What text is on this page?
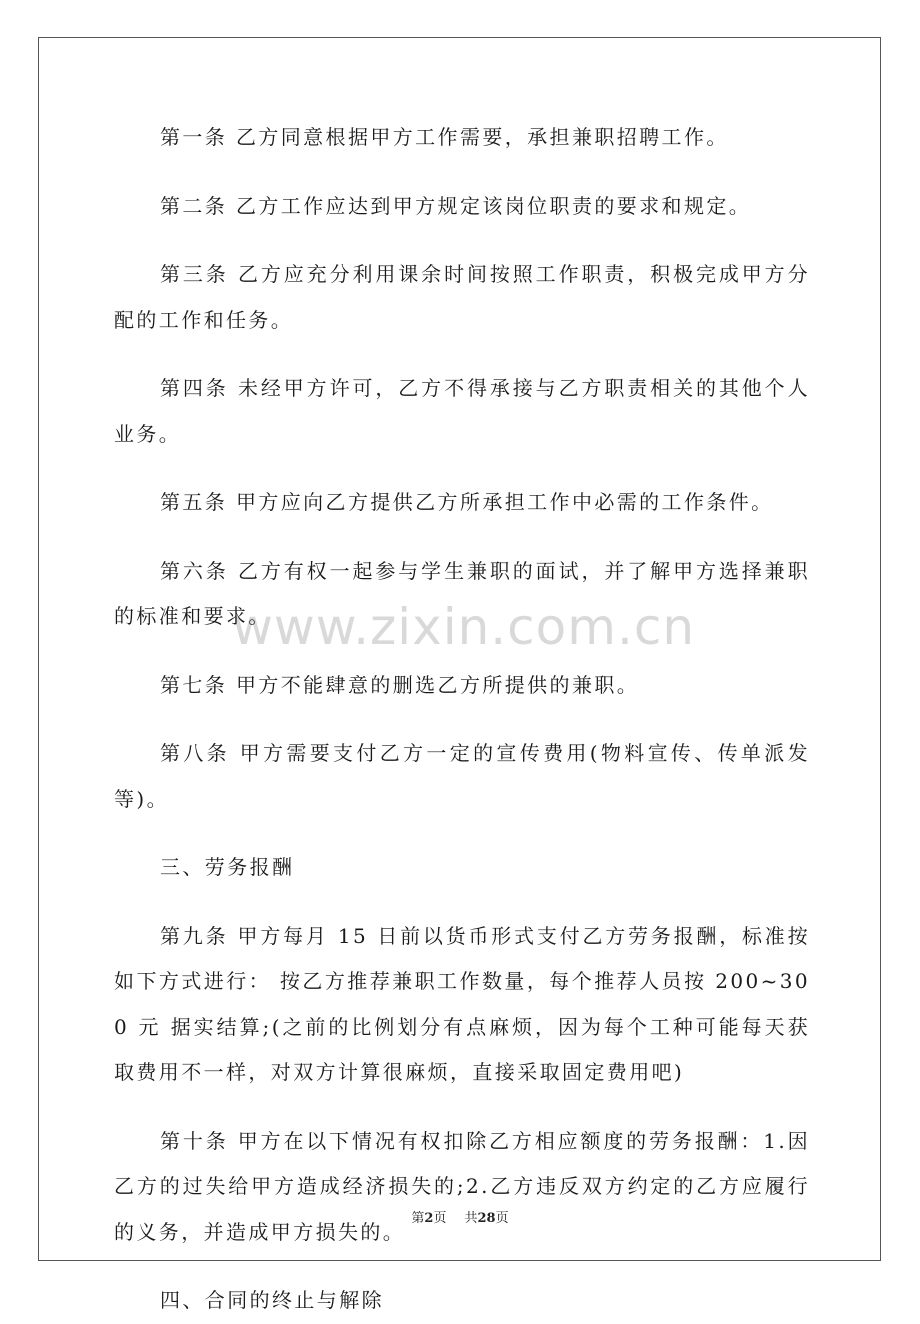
www.zixin.com.cn

第一条 乙方同意根据甲方工作需要，承担兼职招聘工作。

第二条 乙方工作应达到甲方规定该岗位职责的要求和规定。

第三条 乙方应充分利用课余时间按照工作职责，积极完成甲方分配的工作和任务。

第四条 未经甲方许可，乙方不得承接与乙方职责相关的其他个人业务。

第五条 甲方应向乙方提供乙方所承担工作中必需的工作条件。

第六条 乙方有权一起参与学生兼职的面试，并了解甲方选择兼职的标准和要求。

第七条 甲方不能肆意的删选乙方所提供的兼职。

第八条 甲方需要支付乙方一定的宣传费用(物料宣传、传单派发等)。

三、劳务报酬

第九条 甲方每月 15 日前以货币形式支付乙方劳务报酬，标准按如下方式进行： 按乙方推荐兼职工作数量，每个推荐人员按 200~300 元 据实结算;(之前的比例划分有点麻烦，因为每个工种可能每天获取费用不一样，对双方计算很麻烦，直接采取固定费用吧)

第十条 甲方在以下情况有权扣除乙方相应额度的劳务报酬：1.因乙方的过失给甲方造成经济损失的;2.乙方违反双方约定的乙方应履行的义务，并造成甲方损失的。

四、合同的终止与解除

第2页 共28页
